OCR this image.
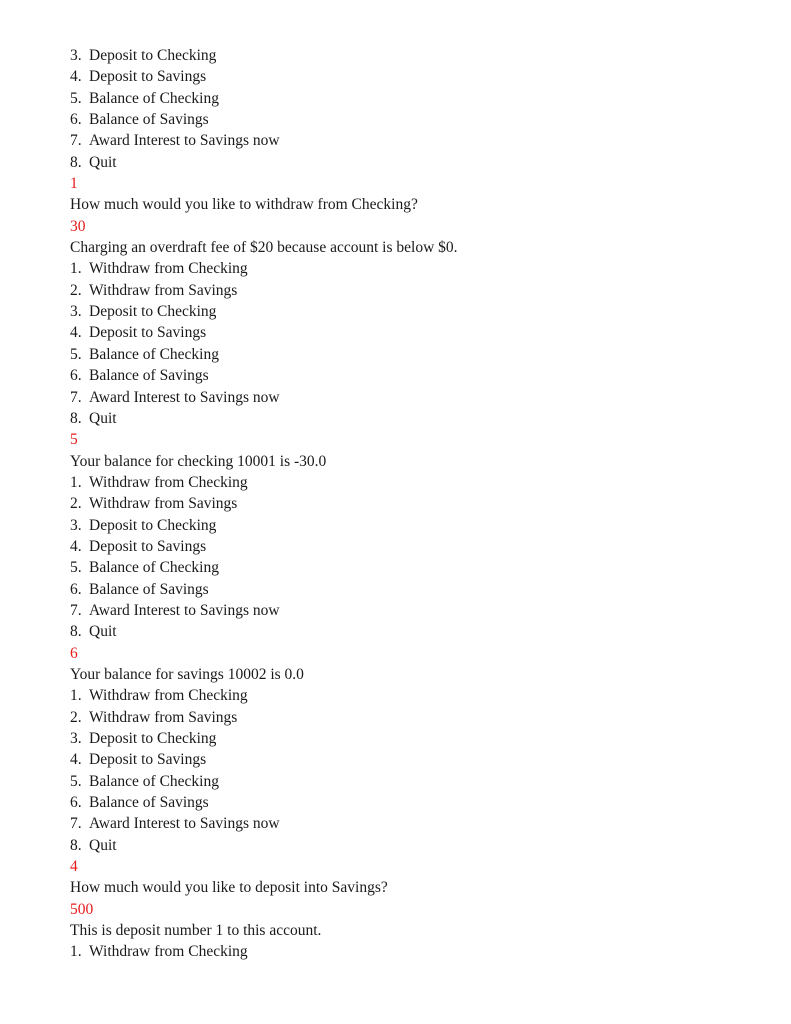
3. Deposit to Checking
4. Deposit to Savings
5. Balance of Checking
6. Balance of Savings
7. Award Interest to Savings now
8. Quit
1
How much would you like to withdraw from Checking?
30
Charging an overdraft fee of $20 because account is below $0.
1. Withdraw from Checking
2. Withdraw from Savings
3. Deposit to Checking
4. Deposit to Savings
5. Balance of Checking
6. Balance of Savings
7. Award Interest to Savings now
8. Quit
5
Your balance for checking 10001 is -30.0
1. Withdraw from Checking
2. Withdraw from Savings
3. Deposit to Checking
4. Deposit to Savings
5. Balance of Checking
6. Balance of Savings
7. Award Interest to Savings now
8. Quit
6
Your balance for savings 10002 is 0.0
1. Withdraw from Checking
2. Withdraw from Savings
3. Deposit to Checking
4. Deposit to Savings
5. Balance of Checking
6. Balance of Savings
7. Award Interest to Savings now
8. Quit
4
How much would you like to deposit into Savings?
500
This is deposit number 1 to this account.
1. Withdraw from Checking
